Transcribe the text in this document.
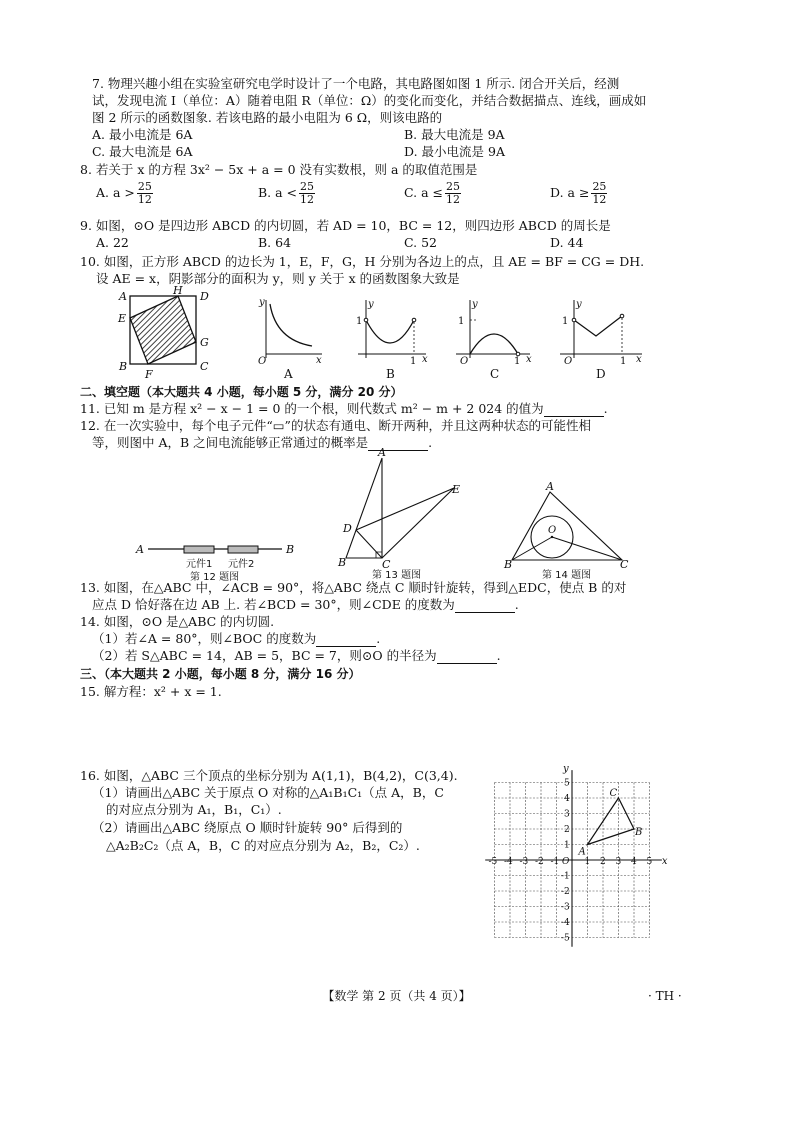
7. 物理兴趣小组在实验室研究电学时设计了一个电路，其电路图如图 1 所示. 闭合开关后，经测
试，发现电流 I（单位：A）随着电阻 R（单位：Ω）的变化而变化，并结合数据描点、连线，画成如
图 2 所示的函数图象. 若该电路的最小电阻为 6 Ω，则该电路的
A. 最小电流是 6A	B. 最大电流是 9A
C. 最大电流是 6A	D. 最小电流是 9A
8. 若关于 x 的方程 3x² − 5x + a = 0 没有实数根，则 a 的取值范围是
A. $a > \frac{25}{12}$	B. $a < \frac{25}{12}$	C. $a \le \frac{25}{12}$	D. $a \ge \frac{25}{12}$
9. 如图，⊙O 是四边形 ABCD 的内切圆，若 AD = 10，BC = 12，则四边形 ABCD 的周长是
A. 22	B. 64	C. 52	D. 44
10. 如图，正方形 ABCD 的边长为 1，E，F，G，H 分别为各边上的点，且 AE = BF = CG = DH.
设 AE = x，阴影部分的面积为 y，则 y 关于 x 的函数图象大致是
A	H D
E
G
B
F
C
y
x
O
A
y
x
1
1
B
y
x
1
O	1
C
y
x
1
O	1
D
二、填空题（本大题共 4 小题，每小题 5 分，满分 20 分）
11. 已知 m 是方程 x² − x − 1 = 0 的一个根，则代数式 m² − m + 2 024 的值为	.
12. 在一次实验中，每个电子元件“▭”的状态有通电、断开两种，并且这两种状态的可能性相
等，则图中 A，B 之间电流能够正常通过的概率是	.
A	B
元件1 元件2
第 12 题图
A
D
E
B	C
第 13 题图
A
O
B	C
第 14 题图
13. 如图，在△ABC 中，∠ACB = 90°，将△ABC 绕点 C 顺时针旋转，得到△EDC，使点 B 的对
应点 D 恰好落在边 AB 上. 若∠BCD = 30°，则∠CDE 的度数为	.
14. 如图，⊙O 是△ABC 的内切圆.
（1）若∠A = 80°，则∠BOC 的度数为	.
（2）若 S△ABC = 14，AB = 5，BC = 7，则⊙O 的半径为	.
三、（本大题共 2 小题，每小题 8 分，满分 16 分）
15. 解方程：x² + x = 1.
16. 如图，△ABC 三个顶点的坐标分别为 A(1,1)，B(4,2)，C(3,4).
（1）请画出△ABC 关于原点 O 对称的△A₁B₁C₁（点 A，B，C
的对应点分别为 A₁，B₁，C₁）.
（2）请画出△ABC 绕原点 O 顺时针旋转 90° 后得到的
△A₂B₂C₂（点 A，B，C 的对应点分别为 A₂，B₂，C₂）.
-5 -4 -3 -2 -1	1 2 3 4 5
5
4
3
2
1
-1
-2
-3
-4
-5
x
y
O
A
B
C
【数学 第 2 页（共 4 页）】	· TH ·
